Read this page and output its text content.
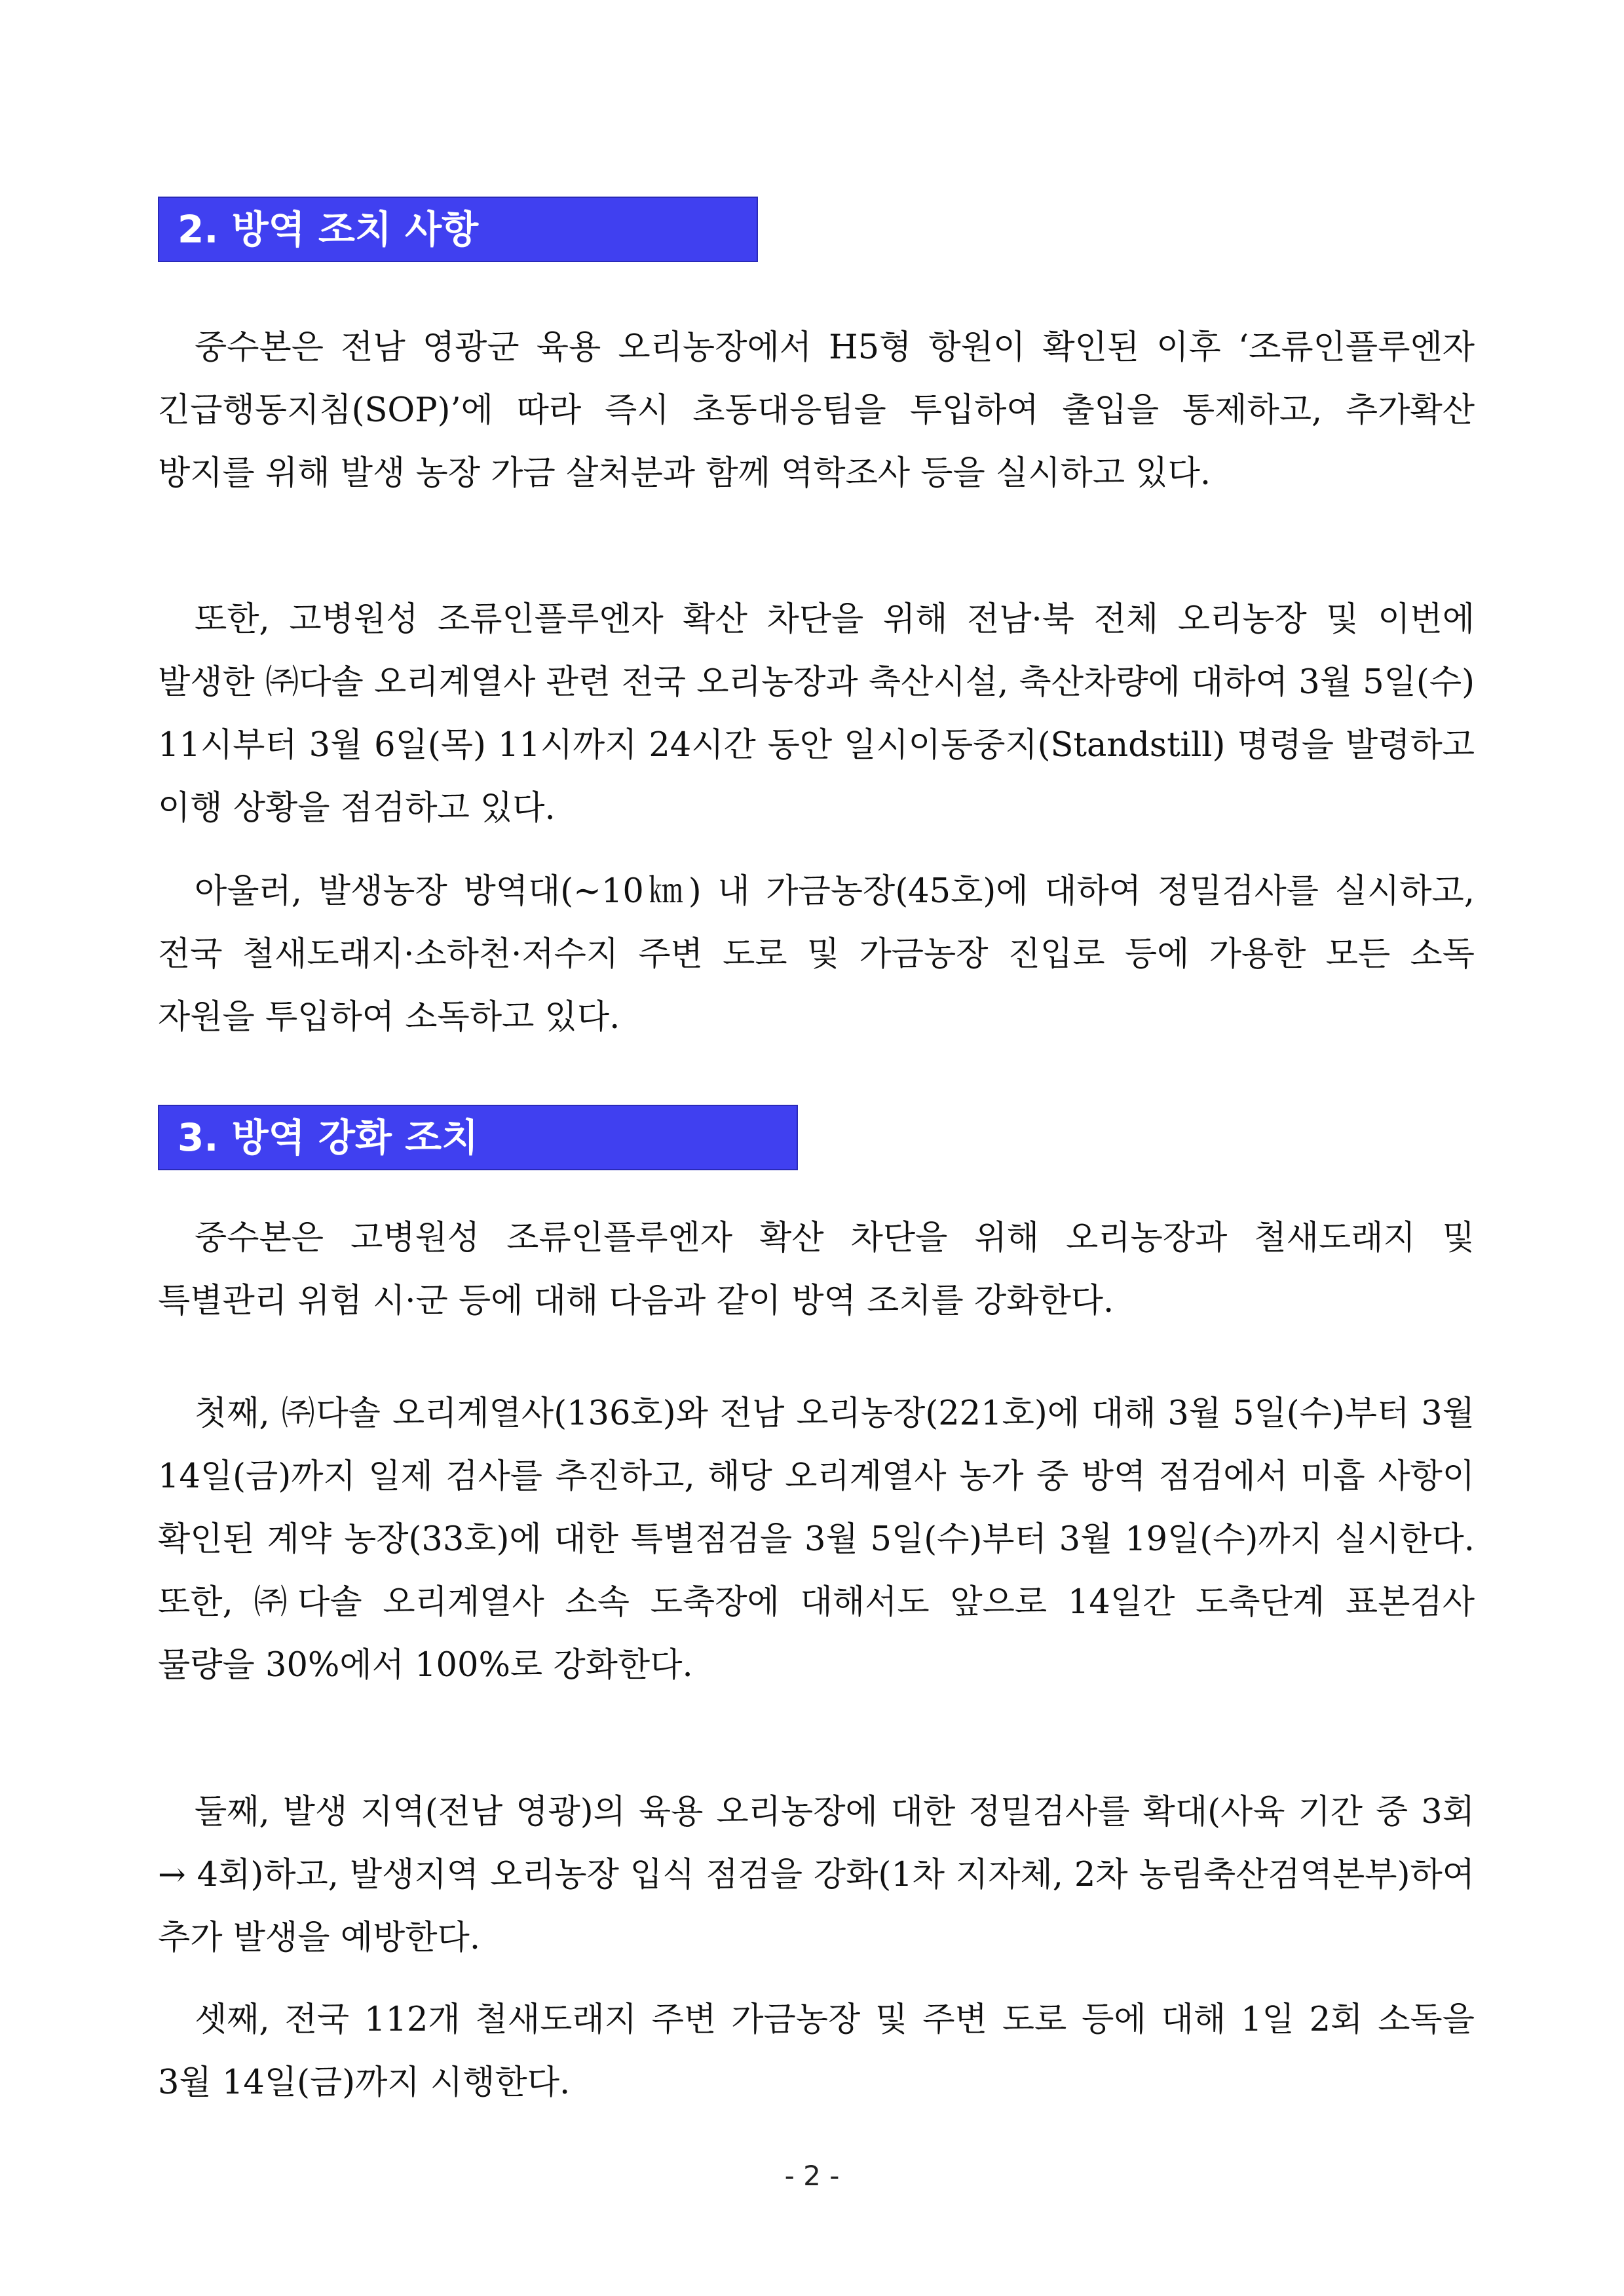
2. 방역 조치 사항

중수본은 전남 영광군 육용 오리농장에서 H5형 항원이 확인된 이후 ‘조류인플루엔자 긴급행동지침(SOP)’에 따라 즉시 초동대응팀을 투입하여 출입을 통제하고, 추가확산 방지를 위해 발생 농장 가금 살처분과 함께 역학조사 등을 실시하고 있다.

또한, 고병원성 조류인플루엔자 확산 차단을 위해 전남·북 전체 오리농장 및 이번에 발생한 ㈜다솔 오리계열사 관련 전국 오리농장과 축산시설, 축산차량에 대하여 3월 5일(수) 11시부터 3월 6일(목) 11시까지 24시간 동안 일시이동중지(Standstill) 명령을 발령하고 이행 상황을 점검하고 있다.

아울러, 발생농장 방역대(~10㎞) 내 가금농장(45호)에 대하여 정밀검사를 실시하고, 전국 철새도래지·소하천·저수지 주변 도로 및 가금농장 진입로 등에 가용한 모든 소독 자원을 투입하여 소독하고 있다.

3. 방역 강화 조치

중수본은 고병원성 조류인플루엔자 확산 차단을 위해 오리농장과 철새도래지 및 특별관리 위험 시·군 등에 대해 다음과 같이 방역 조치를 강화한다.

첫째, ㈜다솔 오리계열사(136호)와 전남 오리농장(221호)에 대해 3월 5일(수)부터 3월 14일(금)까지 일제 검사를 추진하고, 해당 오리계열사 농가 중 방역 점검에서 미흡 사항이 확인된 계약 농장(33호)에 대한 특별점검을 3월 5일(수)부터 3월 19일(수)까지 실시한다. 또한, ㈜다솔 오리계열사 소속 도축장에 대해서도 앞으로 14일간 도축단계 표본검사 물량을 30%에서 100%로 강화한다.

둘째, 발생 지역(전남 영광)의 육용 오리농장에 대한 정밀검사를 확대(사육 기간 중 3회 → 4회)하고, 발생지역 오리농장 입식 점검을 강화(1차 지자체, 2차 농림축산검역본부)하여 추가 발생을 예방한다.

셋째, 전국 112개 철새도래지 주변 가금농장 및 주변 도로 등에 대해 1일 2회 소독을 3월 14일(금)까지 시행한다.

- 2 -
